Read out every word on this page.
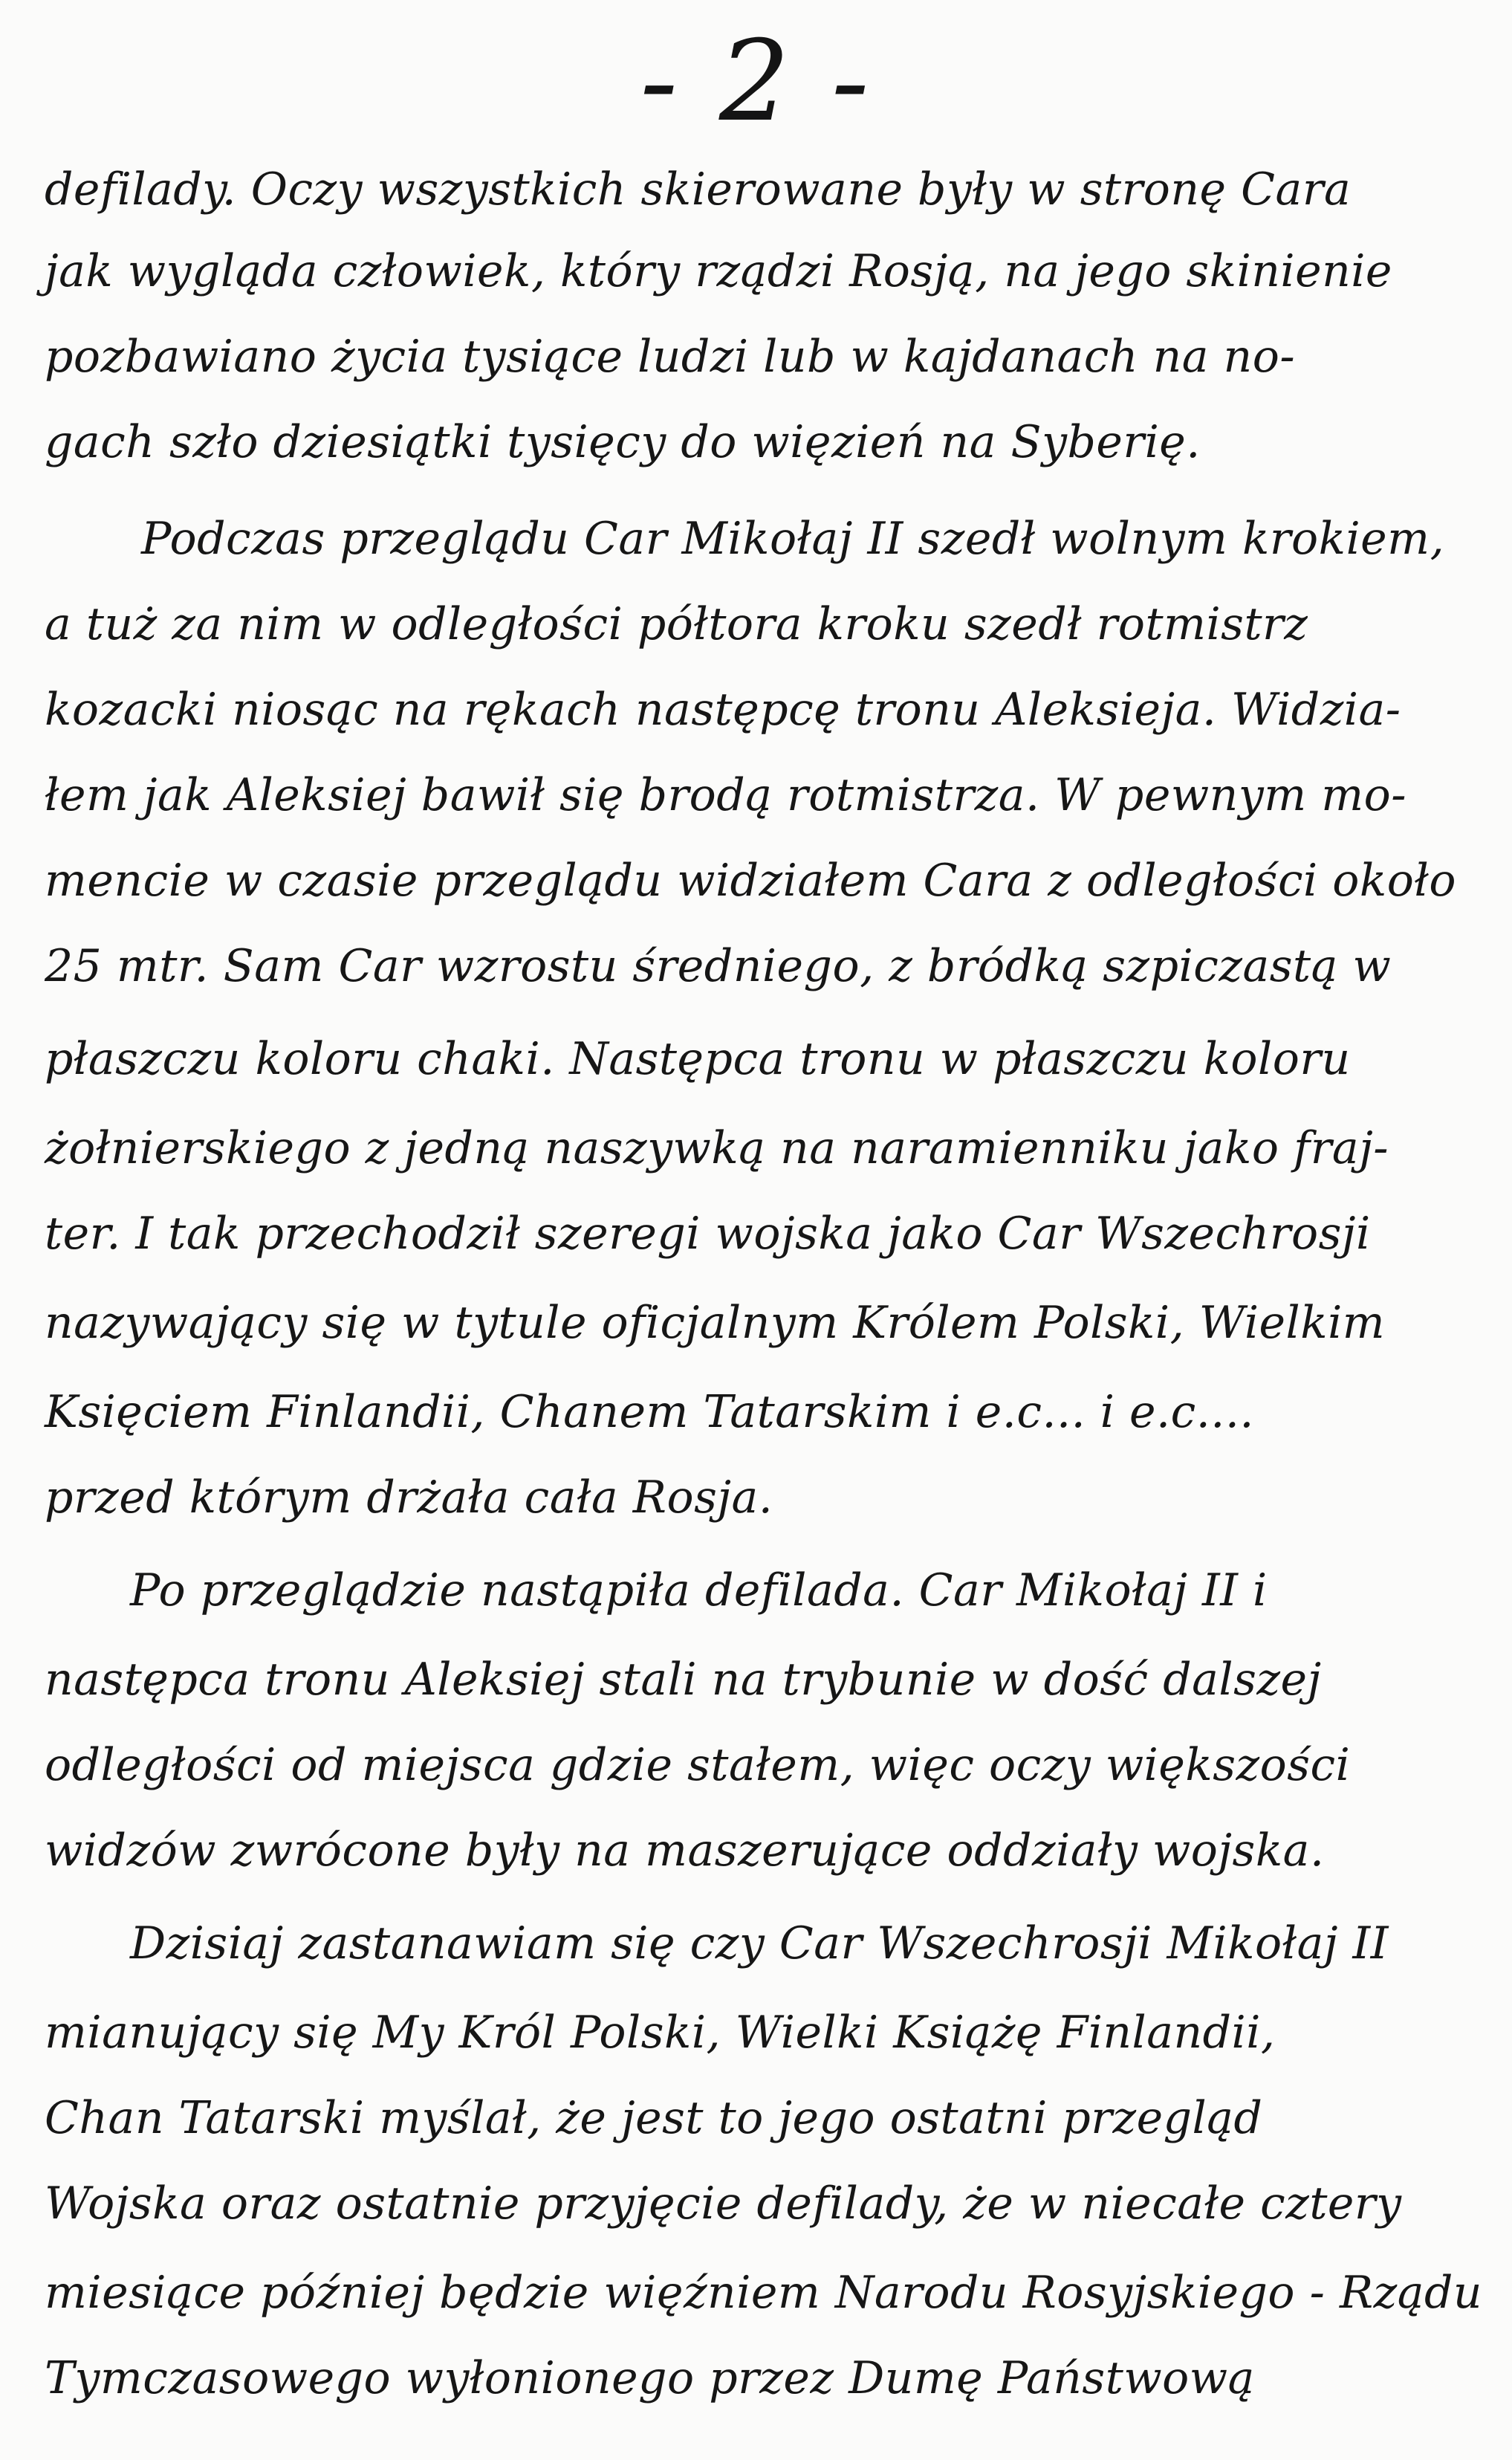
- 2 -
defilady. Oczy wszystkich skierowane były w stronę Cara
jak wygląda człowiek, który rządzi Rosją, na jego skinienie
pozbawiano życia tysiące ludzi lub w kajdanach na no-
gach szło dziesiątki tysięcy do więzień na Syberię.
Podczas przeglądu Car Mikołaj II szedł wolnym krokiem,
a tuż za nim w odległości półtora kroku szedł rotmistrz
kozacki niosąc na rękach następcę tronu Aleksieja. Widzia-
łem jak Aleksiej bawił się brodą rotmistrza. W pewnym mo-
mencie w czasie przeglądu widziałem Cara z odległości około
25 mtr. Sam Car wzrostu średniego, z bródką szpiczastą w
płaszczu koloru chaki. Następca tronu w płaszczu koloru
żołnierskiego z jedną naszywką na naramienniku jako fraj-
ter. I tak przechodził szeregi wojska jako Car Wszechrosji
nazywający się w tytule oficjalnym Królem Polski, Wielkim
Księciem Finlandii, Chanem Tatarskim i e.c... i e.c....
przed którym drżała cała Rosja.
Po przeglądzie nastąpiła defilada. Car Mikołaj II i
następca tronu Aleksiej stali na trybunie w dość dalszej
odległości od miejsca gdzie stałem, więc oczy większości
widzów zwrócone były na maszerujące oddziały wojska.
Dzisiaj zastanawiam się czy Car Wszechrosji Mikołaj II
mianujący się My Król Polski, Wielki Książę Finlandii,
Chan Tatarski myślał, że jest to jego ostatni przegląd
Wojska oraz ostatnie przyjęcie defilady, że w niecałe cztery
miesiące później będzie więźniem Narodu Rosyjskiego - Rządu
Tymczasowego wyłonionego przez Dumę Państwową
